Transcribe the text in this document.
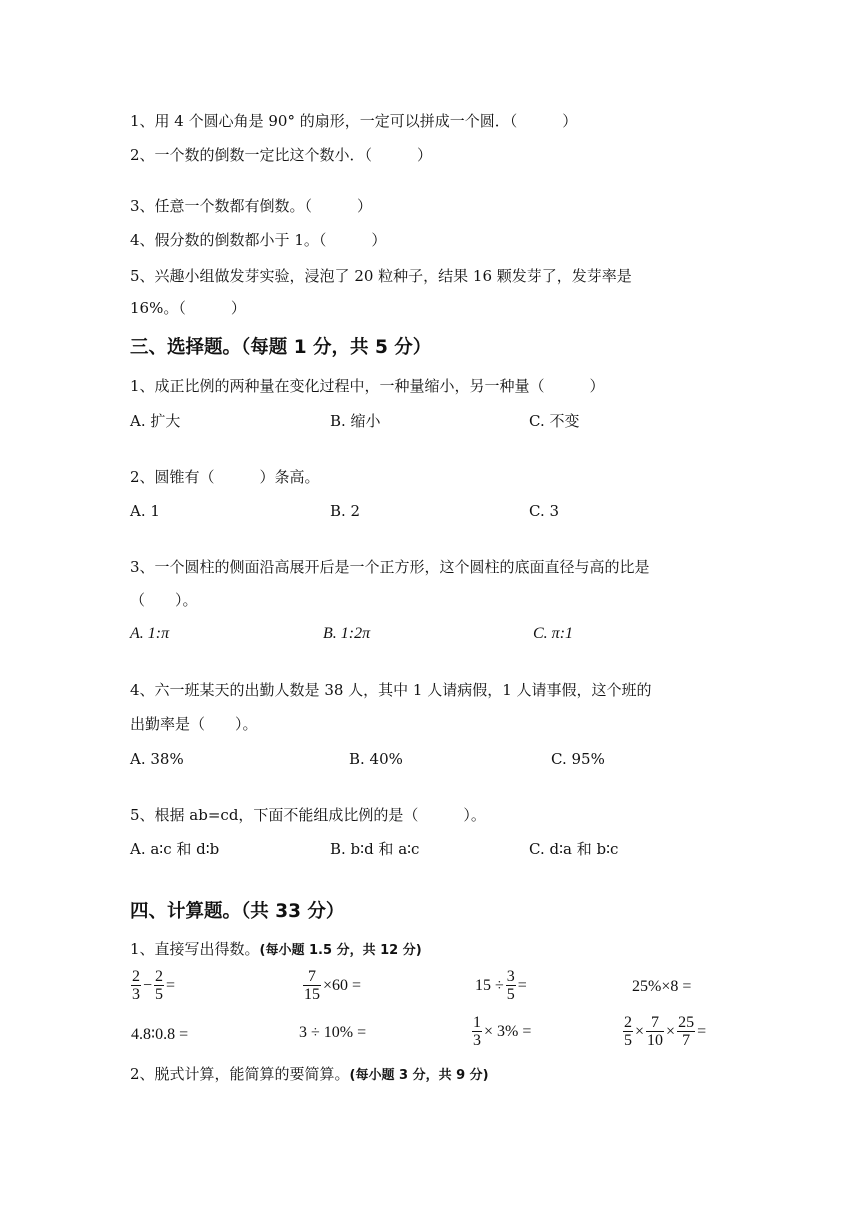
1、用 4 个圆心角是 90° 的扇形，一定可以拼成一个圆．（　　　）
2、一个数的倒数一定比这个数小．（　　　）
3、任意一个数都有倒数。（　　　）
4、假分数的倒数都小于 1。（　　　）
5、兴趣小组做发芽实验，浸泡了 20 粒种子，结果 16 颗发芽了，发芽率是
16%。（　　　）
三、选择题。（每题 1 分，共 5 分）
1、成正比例的两种量在变化过程中，一种量缩小，另一种量（　　　）
A. 扩大	B. 缩小	C. 不变
2、圆锥有（　　　）条高。
A. 1	B. 2	C. 3
3、一个圆柱的侧面沿高展开后是一个正方形，这个圆柱的底面直径与高的比是
（　　）。
A. 1:π	B. 1:2π	C. π:1
4、六一班某天的出勤人数是 38 人，其中 1 人请病假，1 人请事假，这个班的
出勤率是（　　）。
A. 38%	B. 40%	C. 95%
5、根据 ab=cd，下面不能组成比例的是（　　　）。
A. a∶c 和 d∶b	B. b∶d 和 a∶c	C. d∶a 和 b∶c
四、计算题。（共 33 分）
1、直接写出得数。(每小题 1.5 分，共 12 分)
$\frac{2}{3} - \frac{2}{5}$ =	$\frac{7}{15} \times 60$ =	$15 \div \frac{3}{5}$ =	25%×8 =
4.8∶0.8 =	3 ÷ 10% =	$\frac{1}{3} \times 3\%$ =	$\frac{2}{5} \times \frac{7}{10} \times \frac{25}{7}$ =
2、脱式计算，能简算的要简算。(每小题 3 分，共 9 分)
